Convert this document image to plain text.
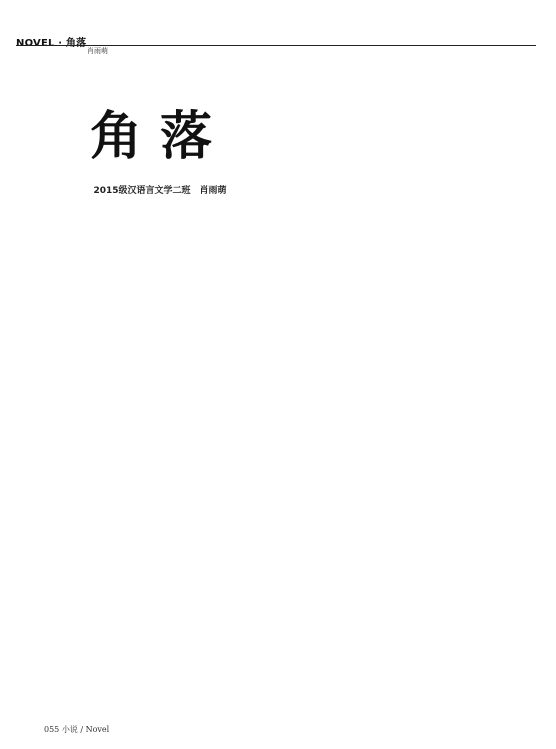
NOVEL · 角落
肖雨萌
角落
2015级汉语言文学二班　肖雨萌
055 小说 / Novel
